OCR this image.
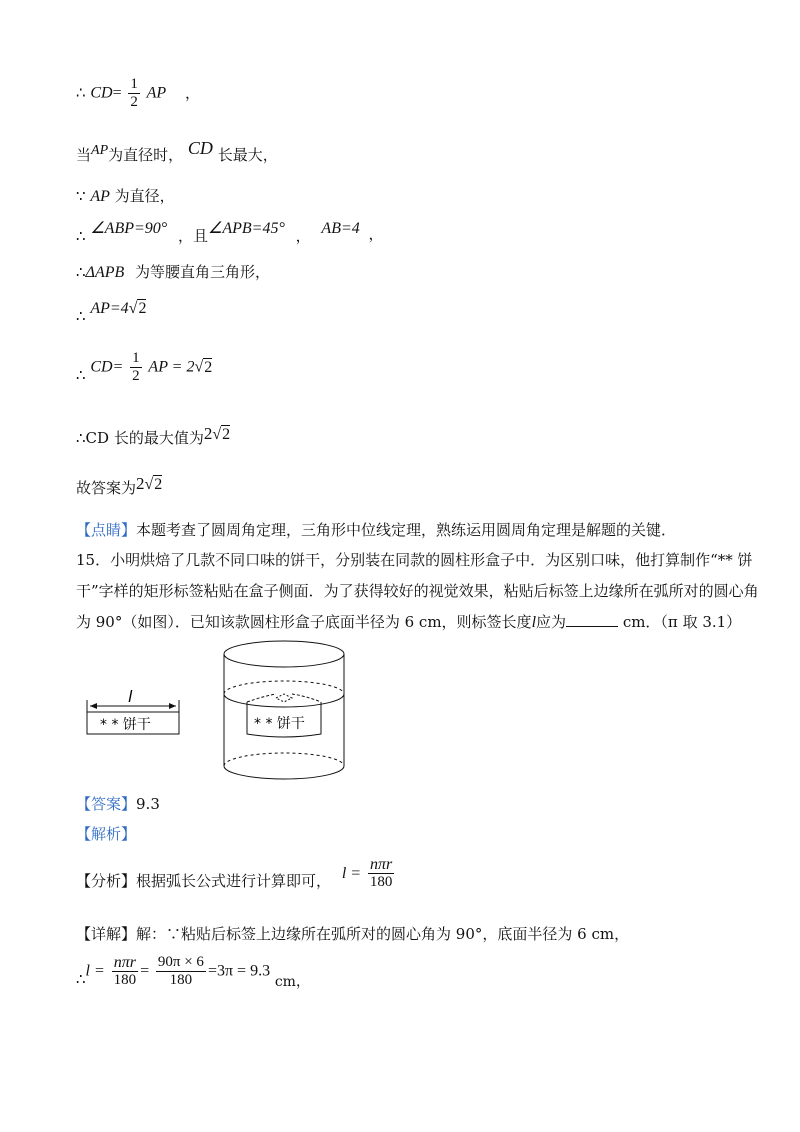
∴ $CD= \frac{1}{2}$ AP ，
当$^{AP}$为直径时， $^{CD}$ 长最大，
∵ AP 为直径，
∴ ∠ABP=90° ，且∠APB=45° ， AB=4 ，
∴ΔAPB 为等腰直角三角形，
∴ AP=4√2
∴ $CD= \frac{1}{2}$ AP = 2√2
∴CD 长的最大值为2√2
故答案为2√2
【点睛】本题考查了圆周角定理，三角形中位线定理，熟练运用圆周角定理是解题的关键．
15．小明烘焙了几款不同口味的饼干，分别装在同款的圆柱形盒子中．为区别口味，他打算制作“** 饼
干”字样的矩形标签粘贴在盒子侧面．为了获得较好的视觉效果，粘贴后标签上边缘所在弧所对的圆心角
为 90°（如图）．已知该款圆柱形盒子底面半径为 6 cm，则标签长度l应为	cm．（π 取 3.1）
l
* * 饼干	* * 饼干
【答案】9.3
【解析】
【分析】根据弧长公式进行计算即可， $l = \frac{\text{nπr}}{180}$
【详解】解：∵粘贴后标签上边缘所在弧所对的圆心角为 90°，底面半径为 6 cm，
∴l = $\frac{\text{nπr}}{180} = \frac{90\pi \times 6}{180} =3\pi = 9.3$ cm，
